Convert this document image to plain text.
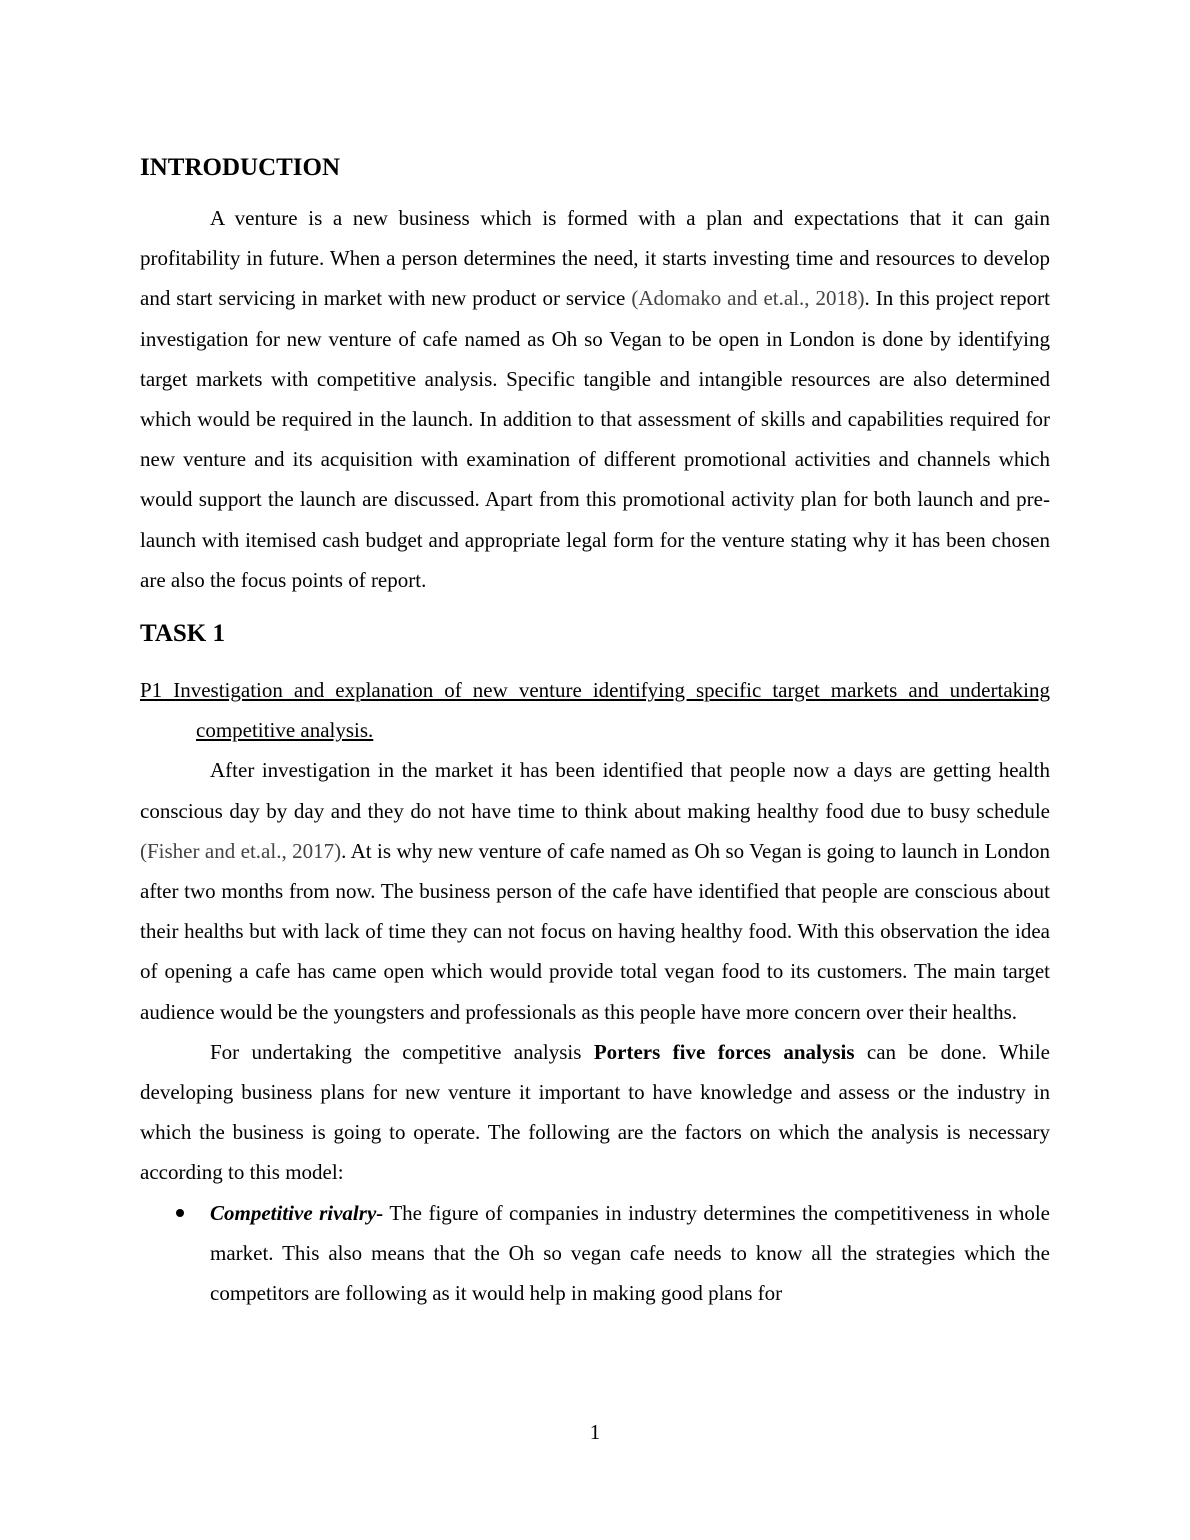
INTRODUCTION

A venture is a new business which is formed with a plan and expectations that it can gain profitability in future. When a person determines the need, it starts investing time and resources to develop and start servicing in market with new product or service (Adomako and et.al., 2018). In this project report investigation for new venture of cafe named as Oh so Vegan to be open in London is done by identifying target markets with competitive analysis. Specific tangible and intangible resources are also determined which would be required in the launch. In addition to that assessment of skills and capabilities required for new venture and its acquisition with examination of different promotional activities and channels which would support the launch are discussed. Apart from this promotional activity plan for both launch and pre-launch with itemised cash budget and appropriate legal form for the venture stating why it has been chosen are also the focus points of report.

TASK 1

P1 Investigation and explanation of new venture identifying specific target markets and undertaking competitive analysis.

After investigation in the market it has been identified that people now a days are getting health conscious day by day and they do not have time to think about making healthy food due to busy schedule (Fisher and et.al., 2017). At is why new venture of cafe named as Oh so Vegan is going to launch in London after two months from now. The business person of the cafe have identified that people are conscious about their healths but with lack of time they can not focus on having healthy food. With this observation the idea of opening a cafe has came open which would provide total vegan food to its customers. The main target audience would be the youngsters and professionals as this people have more concern over their healths.

For undertaking the competitive analysis Porters five forces analysis can be done. While developing business plans for new venture it important to have knowledge and assess or the industry in which the business is going to operate. The following are the factors on which the analysis is necessary according to this model:

Competitive rivalry- The figure of companies in industry determines the competitiveness in whole market. This also means that the Oh so vegan cafe needs to know all the strategies which the competitors are following as it would help in making good plans for
1
